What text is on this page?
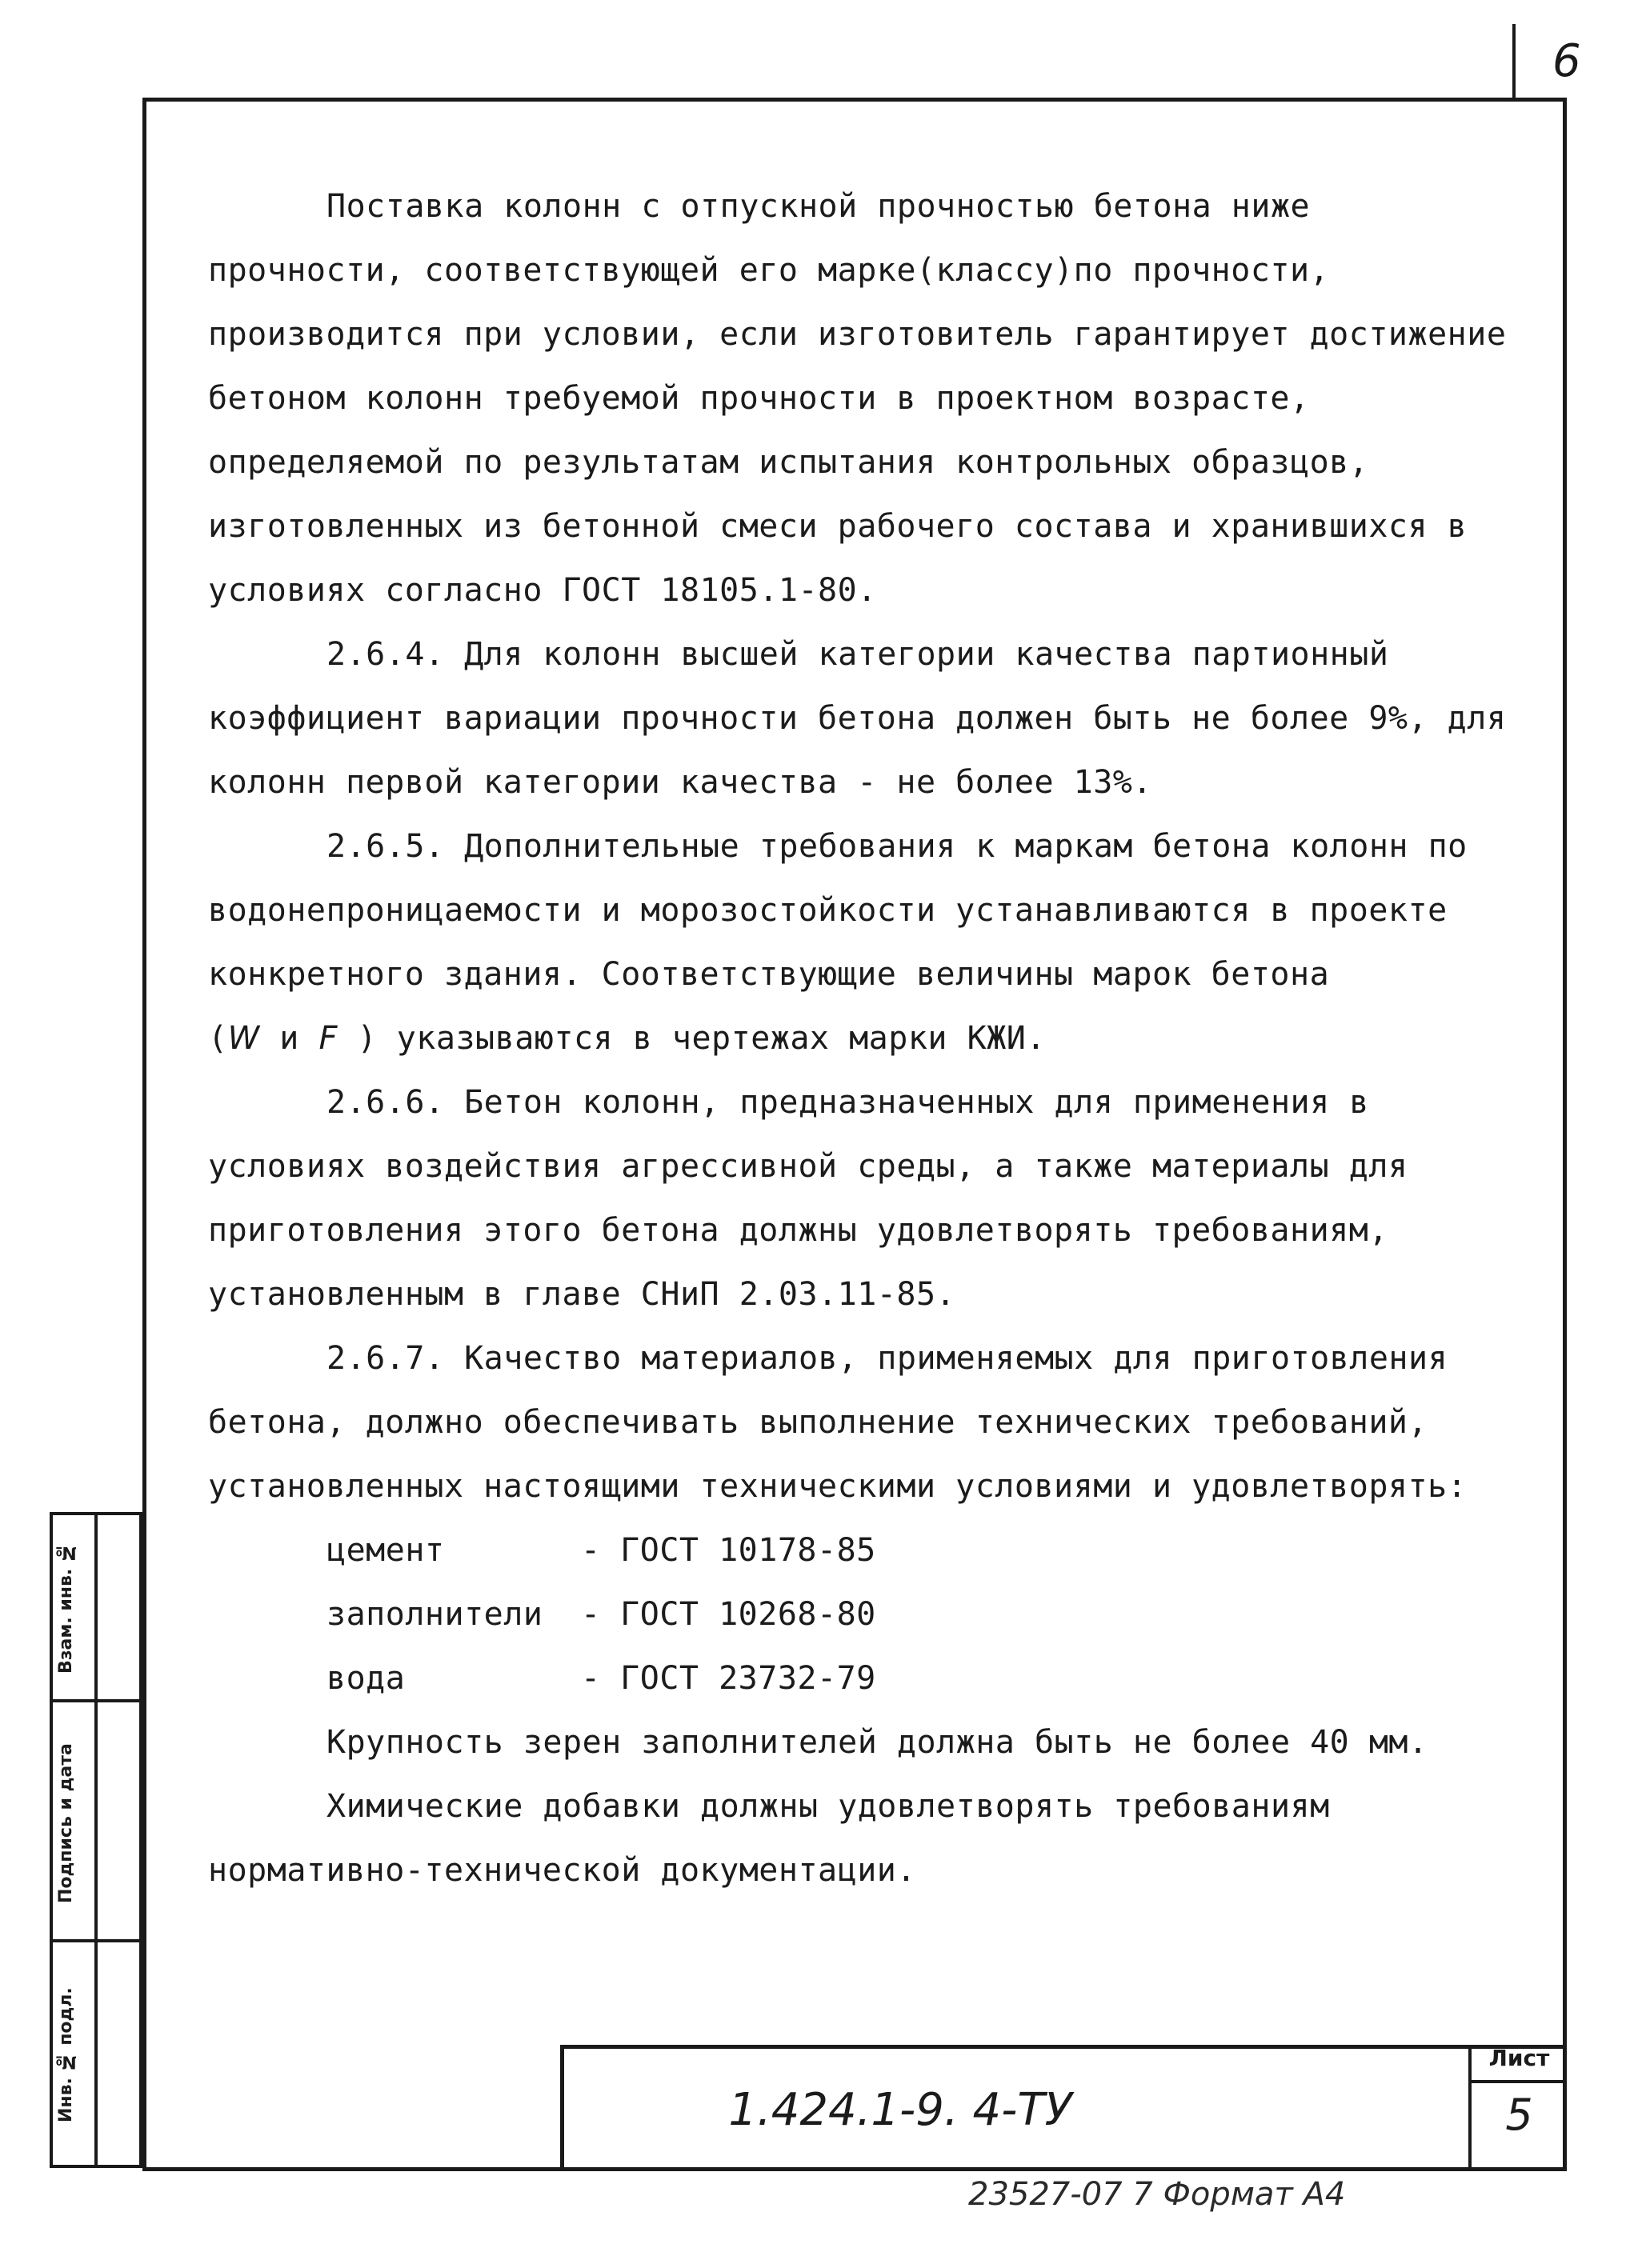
6

Поставка колонн с отпускной прочностью бетона ниже прочности, соответствующей его марке(классу)по прочности, производится при условии, если изготовитель гарантирует достижение бетоном колонн требуемой прочности в проектном возрасте, определяемой по результатам испытания контрольных образцов, изготовленных из бетонной смеси рабочего состава и хранившихся в условиях согласно ГОСТ 18105.1-80.

2.6.4. Для колонн высшей категории качества партионный коэффициент вариации прочности бетона должен быть не более 9%, для колонн первой категории качества - не более 13%.

2.6.5. Дополнительные требования к маркам бетона колонн по водонепроницаемости и морозостойкости устанавливаются в проекте конкретного здания. Соответствующие величины марок бетона
(W и F ) указываются в чертежах марки КЖИ.

2.6.6. Бетон колонн, предназначенных для применения в условиях воздействия агрессивной среды, а также материалы для приготовления этого бетона должны удовлетворять требованиям, установленным в главе СНиП 2.03.11-85.

2.6.7. Качество материалов, применяемых для приготовления бетона, должно обеспечивать выполнение технических требований, установленных настоящими техническими условиями и удовлетворять:

цемент	- ГОСТ 10178-85
заполнители - ГОСТ 10268-80
вода	- ГОСТ 23732-79

Крупность зерен заполнителей должна быть не более 40 мм.

Химические добавки должны удовлетворять требованиям нормативно-технической документации.

Взам. инв. №
Подпись и дата
Инв. № подл.	1.424.1-9. 4-ТУ
Лист
5
23527-07 7 Формат А4
